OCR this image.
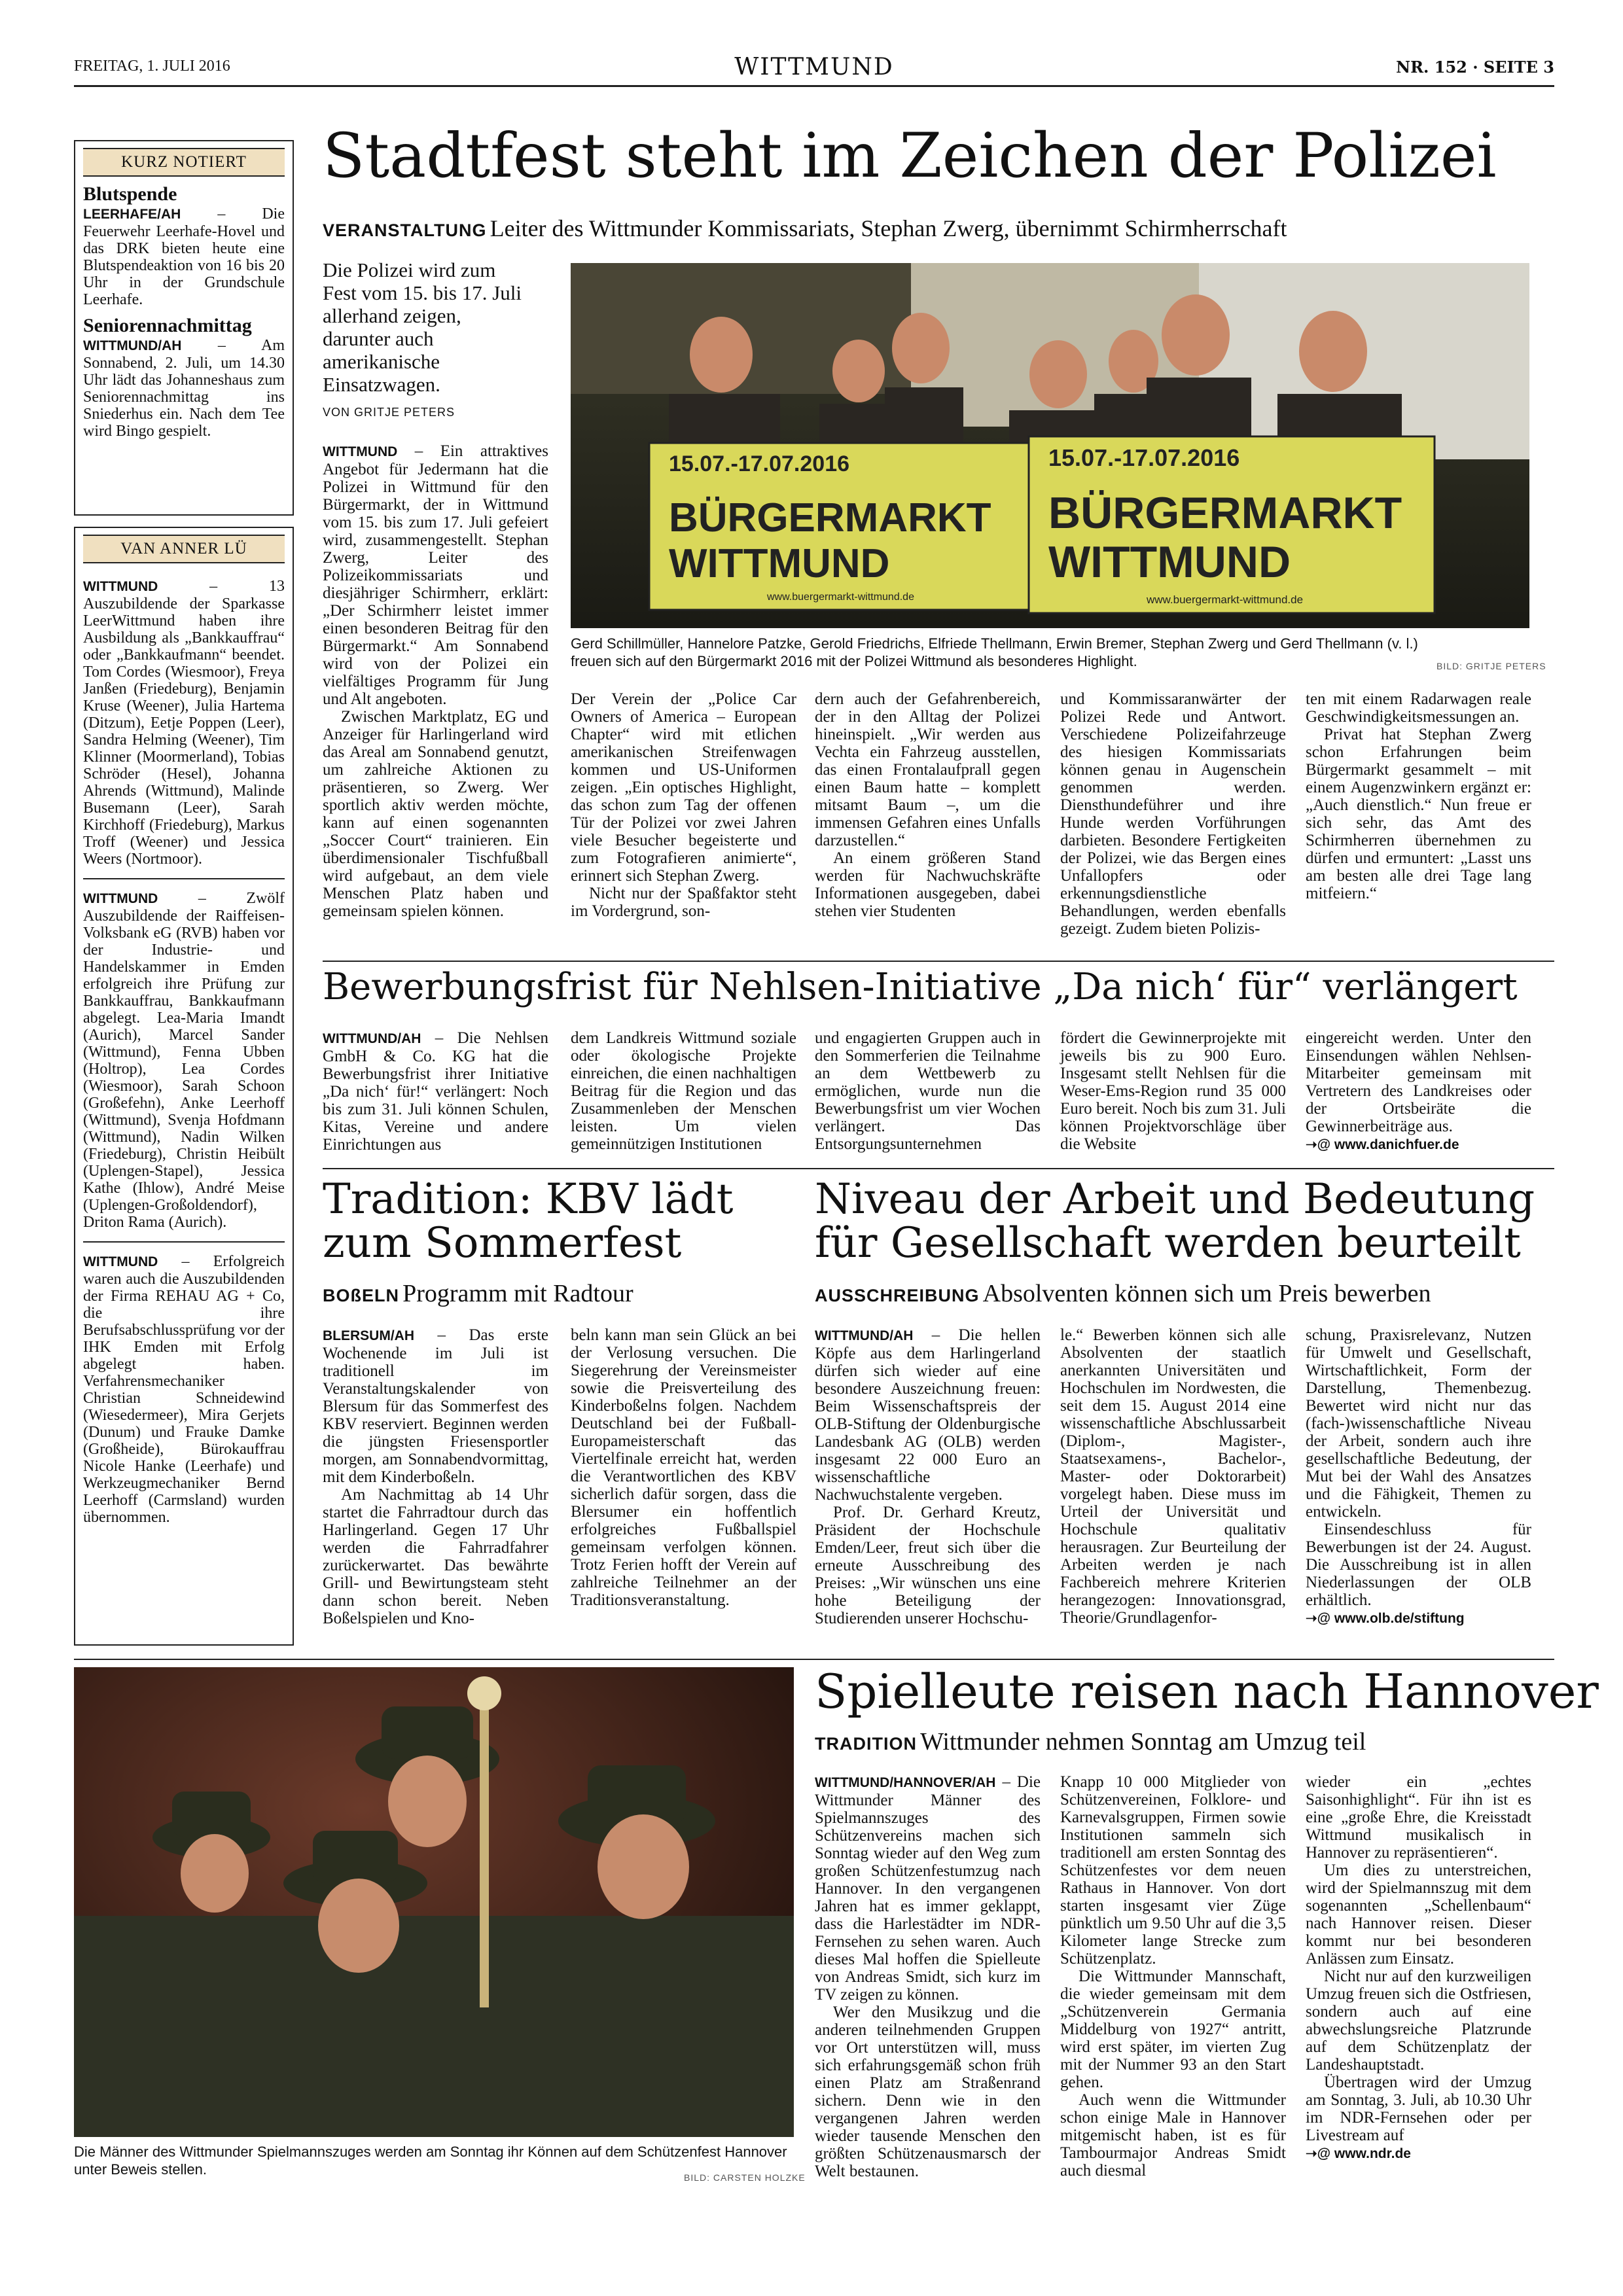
FREITAG, 1. JULI 2016	WITTMUND	NR. 152 · SEITE 3
KURZ NOTIERT
Blutspende
LEERHAFE/AH – Die Feuerwehr Leerhafe-Hovel und das DRK bieten heute eine Blutspendeaktion von 16 bis 20 Uhr in der Grundschule Leerhafe.
Seniorennachmittag
WITTMUND/AH – Am Sonnabend, 2. Juli, um 14.30 Uhr lädt das Johanneshaus zum Seniorennachmittag ins Sniederhus ein. Nach dem Tee wird Bingo gespielt.
VAN ANNER LÜ
WITTMUND – 13 Auszubildende der Sparkasse LeerWittmund haben ihre Ausbildung als „Bankkauffrau“ oder „Bankkaufmann“ beendet. Tom Cordes (Wiesmoor), Freya Janßen (Friedeburg), Benjamin Kruse (Weener), Julia Hartema (Ditzum), Eetje Poppen (Leer), Sandra Helming (Weener), Tim Klinner (Moormerland), Tobias Schröder (Hesel), Johanna Ahrends (Wittmund), Malinde Busemann (Leer), Sarah Kirchhoff (Friedeburg), Markus Troff (Weener) und Jessica Weers (Nortmoor).
WITTMUND – Zwölf Auszubildende der Raiffeisen-Volksbank eG (RVB) haben vor der Industrie- und Handelskammer in Emden erfolgreich ihre Prüfung zur Bankkauffrau, Bankkaufmann abgelegt. Lea-Maria Imandt (Aurich), Marcel Sander (Wittmund), Fenna Ubben (Holtrop), Lea Cordes (Wiesmoor), Sarah Schoon (Großefehn), Anke Leerhoff (Wittmund), Svenja Hofdmann (Wittmund), Nadin Wilken (Friedeburg), Christin Heibült (Uplengen-Stapel), Jessica Kathe (Ihlow), André Meise (Uplengen-Großoldendorf), Driton Rama (Aurich).
WITTMUND – Erfolgreich waren auch die Auszubildenden der Firma REHAU AG + Co, die ihre Berufsabschlussprüfung vor der IHK Emden mit Erfolg abgelegt haben. Verfahrensmechaniker Christian Schneidewind (Wiesedermeer), Mira Gerjets (Dunum) und Frauke Damke (Großheide), Bürokauffrau Nicole Hanke (Leerhafe) und Werkzeugmechaniker Bernd Leerhoff (Carmsland) wurden übernommen.
Stadtfest steht im Zeichen der Polizei
VERANSTALTUNG Leiter des Wittmunder Kommissariats, Stephan Zwerg, übernimmt Schirmherrschaft
Die Polizei wird zum Fest vom 15. bis 17. Juli allerhand zeigen, darunter auch amerikanische Einsatzwagen.
VON GRITJE PETERS
15.07.-17.07.2016
BÜRGERMARKT
WITTMUND
www.buergermarkt-wittmund.de
15.07.-17.07.2016
BÜRGERMARKT
WITTMUND
www.buergermarkt-wittmund.de
Gerd Schillmüller, Hannelore Patzke, Gerold Friedrichs, Elfriede Thellmann, Erwin Bremer, Stephan Zwerg und Gerd Thellmann (v. l.) freuen sich auf den Bürgermarkt 2016 mit der Polizei Wittmund als besonderes Highlight.	BILD: GRITJE PETERS

WITTMUND – Ein attraktives Angebot für Jedermann hat die Polizei in Wittmund für den Bürgermarkt, der in Wittmund vom 15. bis zum 17. Juli gefeiert wird, zusammengestellt. Stephan Zwerg, Leiter des Polizeikommissariats und diesjähriger Schirmherr, erklärt: „Der Schirmherr leistet immer einen besonderen Beitrag für den Bürgermarkt.“ Am Sonnabend wird von der Polizei ein vielfältiges Programm für Jung und Alt angeboten.

Zwischen Marktplatz, EG und Anzeiger für Harlingerland wird das Areal am Sonnabend genutzt, um zahlreiche Aktionen zu präsentieren, so Zwerg. Wer sportlich aktiv werden möchte, kann auf einen sogenannten „Soccer Court“ trainieren. Ein überdimensionaler Tischfußball wird aufgebaut, an dem viele Menschen Platz haben und gemeinsam spielen können.

Der Verein der „Police Car Owners of America – European Chapter“ wird mit etlichen amerikanischen Streifenwagen kommen und US-Uniformen zeigen. „Ein optisches Highlight, das schon zum Tag der offenen Tür der Polizei vor zwei Jahren viele Besucher begeisterte und zum Fotografieren animierte“, erinnert sich Stephan Zwerg.

Nicht nur der Spaßfaktor steht im Vordergrund, son-

dern auch der Gefahrenbereich, der in den Alltag der Polizei hineinspielt. „Wir werden aus Vechta ein Fahrzeug ausstellen, das einen Frontalaufprall gegen einen Baum hatte – komplett mitsamt Baum –, um die immensen Gefahren eines Unfalls darzustellen.“

An einem größeren Stand werden für Nachwuchskräfte Informationen ausgegeben, dabei stehen vier Studenten

und Kommissaranwärter der Polizei Rede und Antwort. Verschiedene Polizeifahrzeuge des hiesigen Kommissariats können genau in Augenschein genommen werden. Diensthundeführer und ihre Hunde werden Vorführungen darbieten. Besondere Fertigkeiten der Polizei, wie das Bergen eines Unfallopfers oder erkennungsdienstliche Behandlungen, werden ebenfalls gezeigt. Zudem bieten Polizis-

ten mit einem Radarwagen reale Geschwindigkeitsmessungen an.

Privat hat Stephan Zwerg schon Erfahrungen beim Bürgermarkt gesammelt – mit einem Augenzwinkern ergänzt er: „Auch dienstlich.“ Nun freue er sich sehr, das Amt des Schirmherren übernehmen zu dürfen und ermuntert: „Lasst uns am besten alle drei Tage lang mitfeiern.“

Bewerbungsfrist für Nehlsen-Initiative „Da nich‘ für“ verlängert

WITTMUND/AH – Die Nehlsen GmbH & Co. KG hat die Bewerbungsfrist ihrer Initiative „Da nich‘ für!“ verlängert: Noch bis zum 31. Juli können Schulen, Kitas, Vereine und andere Einrichtungen aus

dem Landkreis Wittmund soziale oder ökologische Projekte einreichen, die einen nachhaltigen Beitrag für die Region und das Zusammenleben der Menschen leisten. Um vielen gemeinnützigen Institutionen

und engagierten Gruppen auch in den Sommerferien die Teilnahme an dem Wettbewerb zu ermöglichen, wurde nun die Bewerbungsfrist um vier Wochen verlängert. Das Entsorgungsunternehmen

fördert die Gewinnerprojekte mit jeweils bis zu 900 Euro. Insgesamt stellt Nehlsen für die Weser-Ems-Region rund 35 000 Euro bereit. Noch bis zum 31. Juli können Projektvorschläge über die Website

eingereicht werden. Unter den Einsendungen wählen Nehlsen-Mitarbeiter gemeinsam mit Vertretern des Landkreises oder der Ortsbeiräte die Gewinnerbeiträge aus.

➝@ www.danichfuer.de

Tradition: KBV lädt
zum Sommerfest
BOßELN Programm mit Radtour

BLERSUM/AH – Das erste Wochenende im Juli ist traditionell im Veranstaltungskalender von Blersum für das Sommerfest des KBV reserviert. Beginnen werden die jüngsten Friesensportler morgen, am Sonnabendvormittag, mit dem Kinderboßeln.

Am Nachmittag ab 14 Uhr startet die Fahrradtour durch das Harlingerland. Gegen 17 Uhr werden die Fahrradfahrer zurückerwartet. Das bewährte Grill- und Bewirtungsteam steht dann schon bereit. Neben Boßelspielen und Kno-

beln kann man sein Glück an bei der Verlosung versuchen. Die Siegerehrung der Vereinsmeister sowie die Preisverteilung des Kinderboßelns folgen. Nachdem Deutschland bei der Fußball-Europameisterschaft das Viertelfinale erreicht hat, werden die Verantwortlichen des KBV sicherlich dafür sorgen, dass die Blersumer ein hoffentlich erfolgreiches Fußballspiel gemeinsam verfolgen können. Trotz Ferien hofft der Verein auf zahlreiche Teilnehmer an der Traditionsveranstaltung.

Niveau der Arbeit und Bedeutung
für Gesellschaft werden beurteilt
AUSSCHREIBUNG Absolventen können sich um Preis bewerben

WITTMUND/AH – Die hellen Köpfe aus dem Harlingerland dürfen sich wieder auf eine besondere Auszeichnung freuen: Beim Wissenschaftspreis der OLB-Stiftung der Oldenburgische Landesbank AG (OLB) werden insgesamt 22 000 Euro an wissenschaftliche Nachwuchstalente vergeben.

Prof. Dr. Gerhard Kreutz, Präsident der Hochschule Emden/Leer, freut sich über die erneute Ausschreibung des Preises: „Wir wünschen uns eine hohe Beteiligung der Studierenden unserer Hochschu-

le.“ Bewerben können sich alle Absolventen der staatlich anerkannten Universitäten und Hochschulen im Nordwesten, die seit dem 15. August 2014 eine wissenschaftliche Abschlussarbeit (Diplom-, Magister-, Staatsexamens-, Bachelor-, Master- oder Doktorarbeit) vorgelegt haben. Diese muss im Urteil der Universität und Hochschule qualitativ herausragen. Zur Beurteilung der Arbeiten werden je nach Fachbereich mehrere Kriterien herangezogen: Innovationsgrad, Theorie/Grundlagenfor-

schung, Praxisrelevanz, Nutzen für Umwelt und Gesellschaft, Wirtschaftlichkeit, Form der Darstellung, Themenbezug. Bewertet wird nicht nur das (fach-)wissenschaftliche Niveau der Arbeit, sondern auch ihre gesellschaftliche Bedeutung, der Mut bei der Wahl des Ansatzes und die Fähigkeit, Themen zu entwickeln.

Einsendeschluss für Bewerbungen ist der 24. August. Die Ausschreibung ist in allen Niederlassungen der OLB erhältlich.

➝@ www.olb.de/stiftung

Die Männer des Wittmunder Spielmannszuges werden am Sonntag ihr Können auf dem Schützenfest Hannover unter Beweis stellen.	BILD: CARSTEN HOLZKE
Spielleute reisen nach Hannover
TRADITION Wittmunder nehmen Sonntag am Umzug teil

WITTMUND/HANNOVER/AH – Die Wittmunder Männer des Spielmannszuges des Schützenvereins machen sich Sonntag wieder auf den Weg zum großen Schützenfestumzug nach Hannover. In den vergangenen Jahren hat es immer geklappt, dass die Harlestädter im NDR-Fernsehen zu sehen waren. Auch dieses Mal hoffen die Spielleute von Andreas Smidt, sich kurz im TV zeigen zu können.

Wer den Musikzug und die anderen teilnehmenden Gruppen vor Ort unterstützen will, muss sich erfahrungsgemäß schon früh einen Platz am Straßenrand sichern. Denn wie in den vergangenen Jahren werden wieder tausende Menschen den größten Schützenausmarsch der Welt bestaunen.

Knapp 10 000 Mitglieder von Schützenvereinen, Folklore- und Karnevalsgruppen, Firmen sowie Institutionen sammeln sich traditionell am ersten Sonntag des Schützenfestes vor dem neuen Rathaus in Hannover. Von dort starten insgesamt vier Züge pünktlich um 9.50 Uhr auf die 3,5 Kilometer lange Strecke zum Schützenplatz.

Die Wittmunder Mannschaft, die wieder gemeinsam mit dem „Schützenverein Germania Middelburg von 1927“ antritt, wird erst später, im vierten Zug mit der Nummer 93 an den Start gehen.

Auch wenn die Wittmunder schon einige Male in Hannover mitgemischt haben, ist es für Tambourmajor Andreas Smidt auch diesmal

wieder ein „echtes Saisonhighlight“. Für ihn ist es eine „große Ehre, die Kreisstadt Wittmund musikalisch in Hannover zu repräsentieren“.

Um dies zu unterstreichen, wird der Spielmannszug mit dem sogenannten „Schellenbaum“ nach Hannover reisen. Dieser kommt nur bei besonderen Anlässen zum Einsatz.

Nicht nur auf den kurzweiligen Umzug freuen sich die Ostfriesen, sondern auch auf eine abwechslungsreiche Platzrunde auf dem Schützenplatz der Landeshauptstadt.

Übertragen wird der Umzug am Sonntag, 3. Juli, ab 10.30 Uhr im NDR-Fernsehen oder per Livestream auf

➝@ www.ndr.de
